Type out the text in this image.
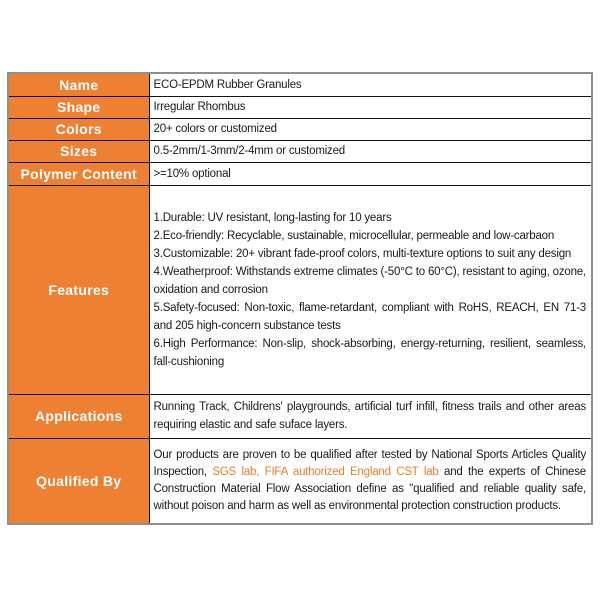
Name	ECO-EPDM Rubber Granules
Shape	Irregular Rhombus
Colors	20+ colors or customized
Sizes	0.5-2mm/1-3mm/2-4mm or customized
Polymer Content	>=10% optional
Features	
1.Durable: UV resistant, long-lasting for 10 years
2.Eco-friendly: Recyclable, sustainable, microcellular, permeable and low-carbaon
3.Customizable: 20+ vibrant fade-proof colors, multi-texture options to suit any design
4.Weatherproof: Withstands extreme climates (-50°C to 60°C), resistant to aging, ozone, oxidation and corrosion
5.Safety-focused: Non-toxic, flame-retardant, compliant with RoHS, REACH, EN 71-3 and 205 high-concern substance tests
6.High Performance: Non-slip, shock-absorbing, energy-returning, resilient, seamless, fall-cushioning

Applications	Running Track, Childrens' playgrounds, artificial turf infill, fitness trails and other areas requiring elastic and safe suface layers.
Qualified By	Our products are proven to be qualified after tested by National Sports Articles Quality Inspection, SGS lab, FIFA authorized England CST lab and the experts of Chinese Construction Material Flow Association define as "qualified and reliable quality safe, without poison and harm as well as environmental protection construction products.
